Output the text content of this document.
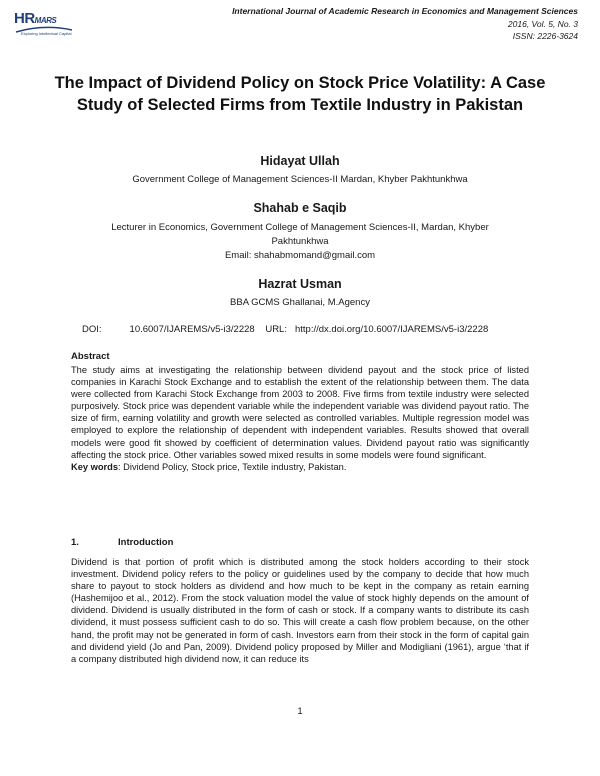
HRMARS
Exploring Intellectual Capital
International Journal of Academic Research in Economics and Management Sciences
2016, Vol. 5, No. 3
ISSN: 2226-3624
The Impact of Dividend Policy on Stock Price Volatility: A Case Study of Selected Firms from Textile Industry in Pakistan
Hidayat Ullah
Government College of Management Sciences-II Mardan, Khyber Pakhtunkhwa
Shahab e Saqib
Lecturer in Economics, Government College of Management Sciences-II, Mardan, Khyber Pakhtunkhwa
Email: shahabmomand@gmail.com
Hazrat Usman
BBA GCMS Ghallanai, M.Agency
DOI:	10.6007/IJAREMS/v5-i3/2228 URL: http://dx.doi.org/10.6007/IJAREMS/v5-i3/2228
Abstract
The study aims at investigating the relationship between dividend payout and the stock price of listed companies in Karachi Stock Exchange and to establish the extent of the relationship between them. The data were collected from Karachi Stock Exchange from 2003 to 2008. Five firms from textile industry were selected purposively. Stock price was dependent variable while the independent variable was dividend payout ratio. The size of firm, earning volatility and growth were selected as controlled variables. Multiple regression model was employed to explore the relationship of dependent with independent variables. Results showed that overall models were good fit showed by coefficient of determination values. Dividend payout ratio was significantly affecting the stock price. Other variables sowed mixed results in some models were found significant.
Key words: Dividend Policy, Stock price, Textile industry, Pakistan.
1.	Introduction
Dividend is that portion of profit which is distributed among the stock holders according to their stock investment. Dividend policy refers to the policy or guidelines used by the company to decide that how much share to payout to stock holders as dividend and how much to be kept in the company as retain earning (Hashemijoo et al., 2012). From the stock valuation model the value of stock highly depends on the amount of dividend. Dividend is usually distributed in the form of cash or stock. If a company wants to distribute its cash dividend, it must possess sufficient cash to do so. This will create a cash flow problem because, on the other hand, the profit may not be generated in form of cash. Investors earn from their stock in the form of capital gain and dividend yield (Jo and Pan, 2009). Dividend policy proposed by Miller and Modigliani (1961), argue ‘that if a company distributed high dividend now, it can reduce its
1
